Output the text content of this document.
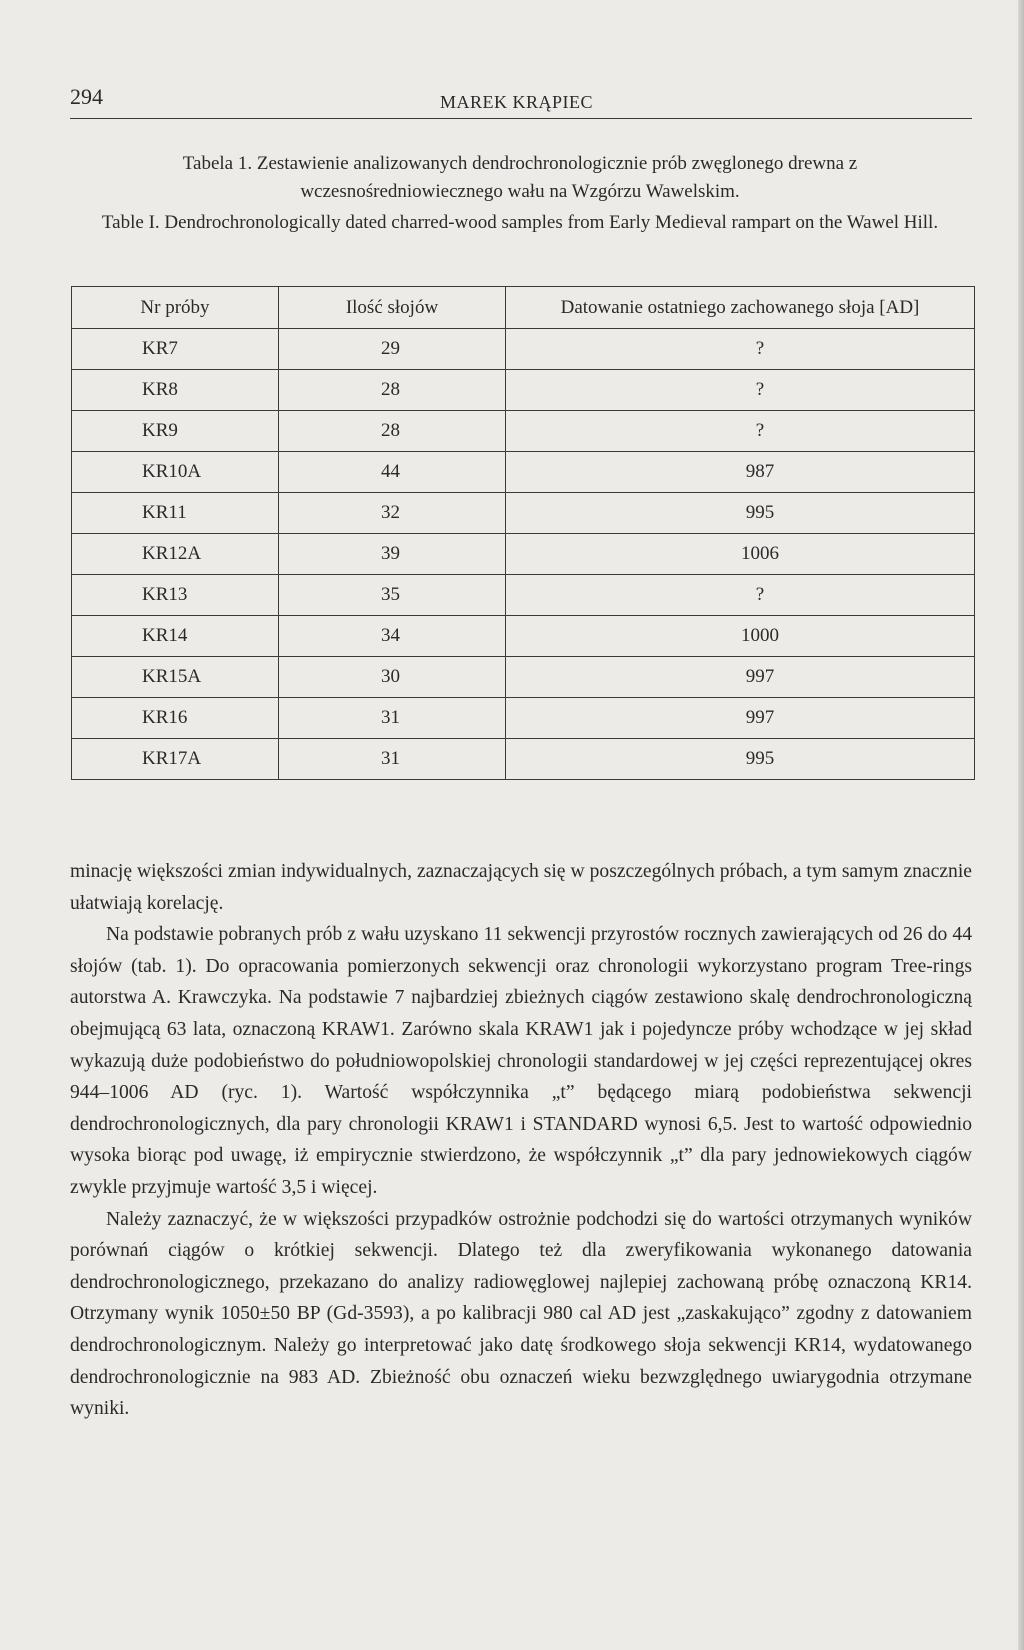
294	MAREK KRĄPIEC
Tabela 1. Zestawienie analizowanych dendrochronologicznie prób zwęglonego drewna z wczesnośredniowiecznego wału na Wzgórzu Wawelskim.
Table I. Dendrochronologically dated charred-wood samples from Early Medieval rampart on the Wawel Hill.
Nr próby	Ilość słojów	Datowanie ostatniego zachowanego słoja [AD]
KR7	29	?
KR8	28	?
KR9	28	?
KR10A	44	987
KR11	32	995
KR12A	39	1006
KR13	35	?
KR14	34	1000
KR15A	30	997
KR16	31	997
KR17A	31	995

minację większości zmian indywidualnych, zaznaczających się w poszczególnych próbach, a tym samym znacznie ułatwiają korelację.

Na podstawie pobranych prób z wału uzyskano 11 sekwencji przyrostów rocznych zawierających od 26 do 44 słojów (tab. 1). Do opracowania pomierzonych sekwencji oraz chronologii wykorzystano program Tree-rings autorstwa A. Krawczyka. Na podstawie 7 najbardziej zbieżnych ciągów zestawiono skalę dendrochronologiczną obejmującą 63 lata, oznaczoną KRAW1. Zarówno skala KRAW1 jak i pojedyncze próby wchodzące w jej skład wykazują duże podobieństwo do południowopolskiej chronologii standardowej w jej części reprezentującej okres 944–1006 AD (ryc. 1). Wartość współczynnika „t” będącego miarą podobieństwa sekwencji dendrochronologicznych, dla pary chronologii KRAW1 i STANDARD wynosi 6,5. Jest to wartość odpowiednio wysoka biorąc pod uwagę, iż empirycznie stwierdzono, że współczynnik „t” dla pary jednowiekowych ciągów zwykle przyjmuje wartość 3,5 i więcej.

Należy zaznaczyć, że w większości przypadków ostrożnie podchodzi się do wartości otrzymanych wyników porównań ciągów o krótkiej sekwencji. Dlatego też dla zweryfikowania wykonanego datowania dendrochronologicznego, przekazano do analizy radiowęglowej najlepiej zachowaną próbę oznaczoną KR14. Otrzymany wynik 1050±50 BP (Gd-3593), a po kalibracji 980 cal AD jest „zaskakująco” zgodny z datowaniem dendrochronologicznym. Należy go interpretować jako datę środkowego słoja sekwencji KR14, wydatowanego dendrochronologicznie na 983 AD. Zbieżność obu oznaczeń wieku bezwzględnego uwiarygodnia otrzymane wyniki.
